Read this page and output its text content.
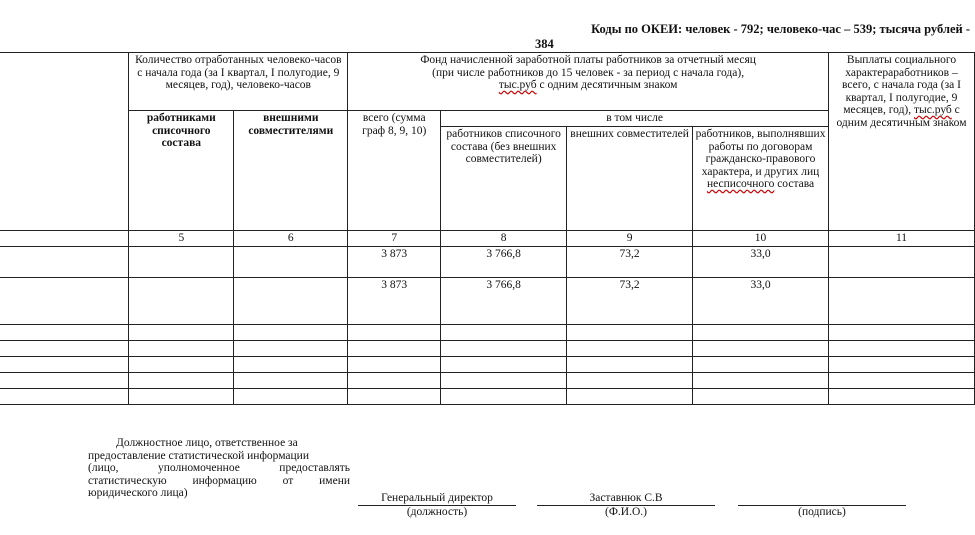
Коды по ОКЕИ: человек - 792; человеко-час – 539; тысяча рублей -
384
	Количество отработанных человеко-часов с начала года (за I квартал, I полугодие, 9 месяцев, год), человеко-часов		Фонд начисленной заработной платы работников за отчетный месяц
(при числе работников до 15 человек - за период с начала года),
тыс.руб с одним десятичным знаком				Выплаты социального характераработников – всего, с начала года (за I квартал, I полугодие, 9 месяцев, год), тыс.руб с одним десятичным знаком
	работниками списочного состава	внешними совместителями	всего (сумма граф 8, 9, 10)	в том числе			
				работников списочного состава (без внешних совместителей)	внешних совместителей	работников, выполнявших работы по договорам гражданско-правового характера, и других лиц несписочного состава	
	5	6	7	8	9	10	11
			3 873	3 766,8	73,2	33,0	
			3 873	3 766,8	73,2	33,0	

Должностное лицо, ответственное за предоставление статистической информации
(лицо, уполномоченное предоставлять статистическую информацию от имени
юридического лица)	Генеральный директор
(должность)
Заставнюк С.В
(Ф.И.О.)	(подпись)
